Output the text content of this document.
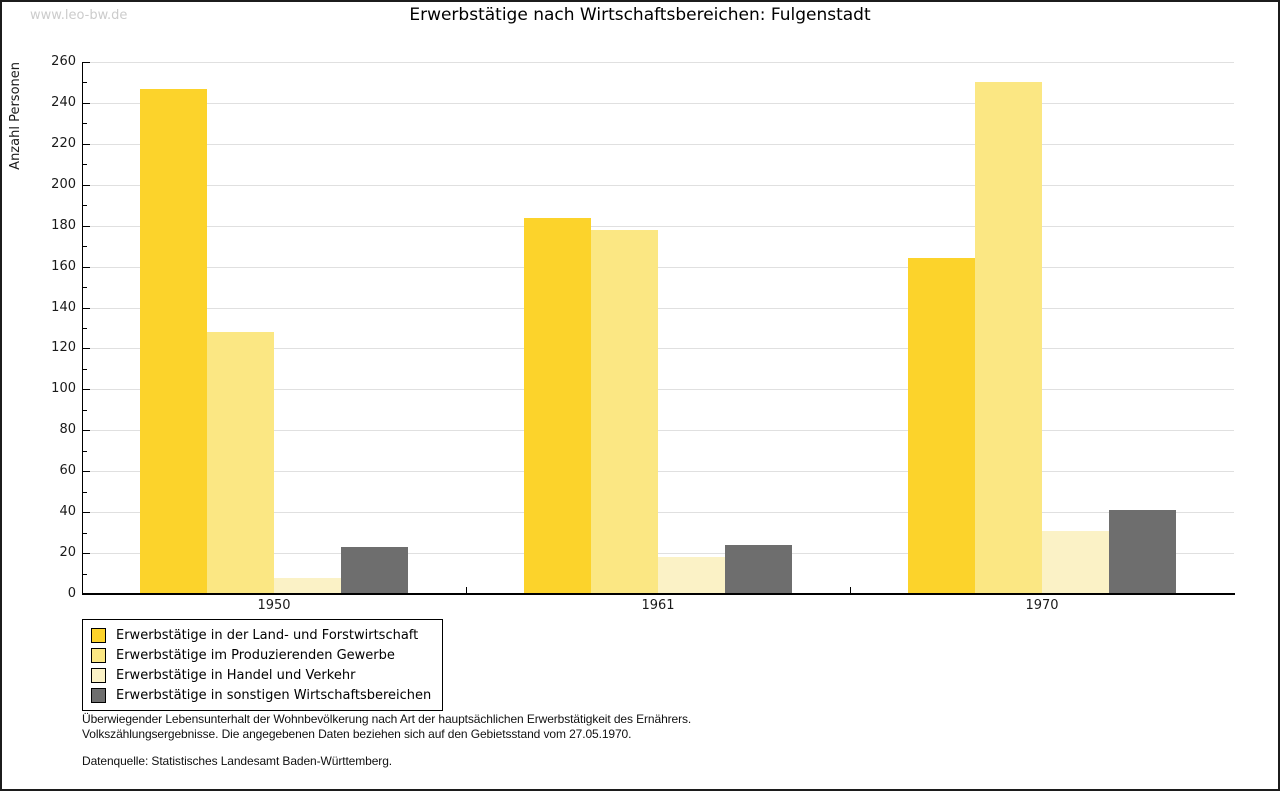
www.leo-bw.de	Erwerbstätige nach Wirtschaftsbereichen: Fulgenstadt
Anzahl Personen
Erwerbstätige in der Land- und Forstwirtschaft
Erwerbstätige im Produzierenden Gewerbe
Erwerbstätige in Handel und Verkehr
Erwerbstätige in sonstigen Wirtschaftsbereichen
Überwiegender Lebensunterhalt der Wohnbevölkerung nach Art der hauptsächlichen Erwerbstätigkeit des Ernährers.
Volkszählungsergebnisse. Die angegebenen Daten beziehen sich auf den Gebietsstand vom 27.05.1970.
Datenquelle: Statistisches Landesamt Baden-Württemberg.
0
20
40
60
80
100
120
140
160
180
200
220
240
260
1950	1961	1970
